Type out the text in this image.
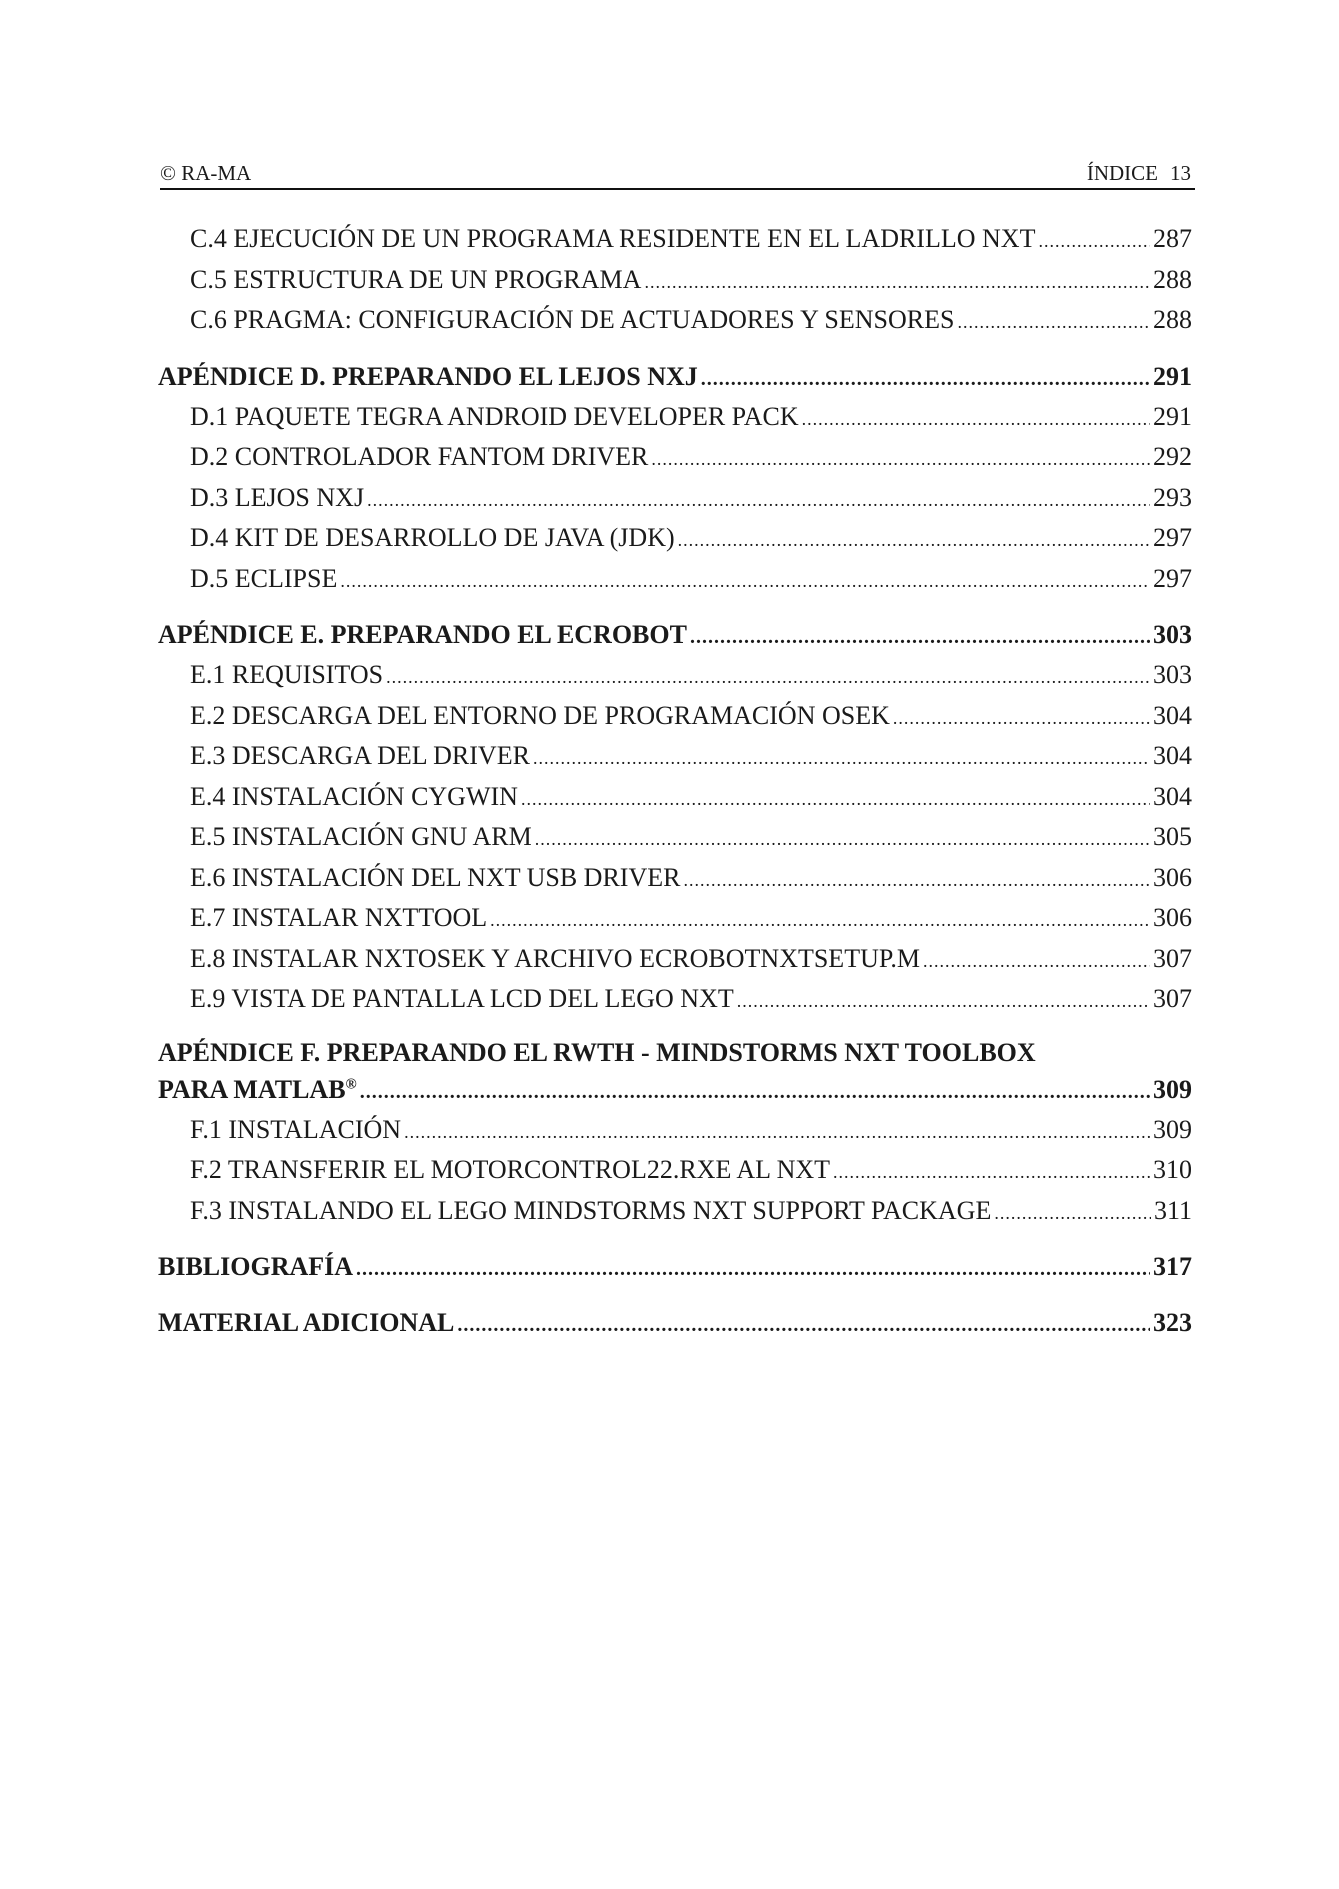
© RA-MA	ÍNDICE 13
C.4 EJECUCIÓN DE UN PROGRAMA RESIDENTE EN EL LADRILLO NXT .....	287
C.5 ESTRUCTURA DE UN PROGRAMA .....	288
C.6 PRAGMA: CONFIGURACIÓN DE ACTUADORES Y SENSORES .....	288
APÉNDICE D. PREPARANDO EL LEJOS NXJ .....	291
D.1 PAQUETE TEGRA ANDROID DEVELOPER PACK .....	291
D.2 CONTROLADOR FANTOM DRIVER .....	292
D.3 LEJOS NXJ .....	293
D.4 KIT DE DESARROLLO DE JAVA (JDK) .....	297
D.5 ECLIPSE .....	297
APÉNDICE E. PREPARANDO EL ECROBOT .....	303
E.1 REQUISITOS .....	303
E.2 DESCARGA DEL ENTORNO DE PROGRAMACIÓN OSEK .....	304
E.3 DESCARGA DEL DRIVER .....	304
E.4 INSTALACIÓN CYGWIN .....	304
E.5 INSTALACIÓN GNU ARM .....	305
E.6 INSTALACIÓN DEL NXT USB DRIVER .....	306
E.7 INSTALAR NXTTOOL .....	306
E.8 INSTALAR NXTOSEK Y ARCHIVO ECROBOTNXTSETUP.M .....	307
E.9 VISTA DE PANTALLA LCD DEL LEGO NXT .....	307
APÉNDICE F. PREPARANDO EL RWTH - MINDSTORMS NXT TOOLBOX
PARA MATLAB® .....	309
F.1 INSTALACIÓN .....	309
F.2 TRANSFERIR EL MOTORCONTROL22.RXE AL NXT .....	310
F.3 INSTALANDO EL LEGO MINDSTORMS NXT SUPPORT PACKAGE .....	311
BIBLIOGRAFÍA .....	317
MATERIAL ADICIONAL .....	323
